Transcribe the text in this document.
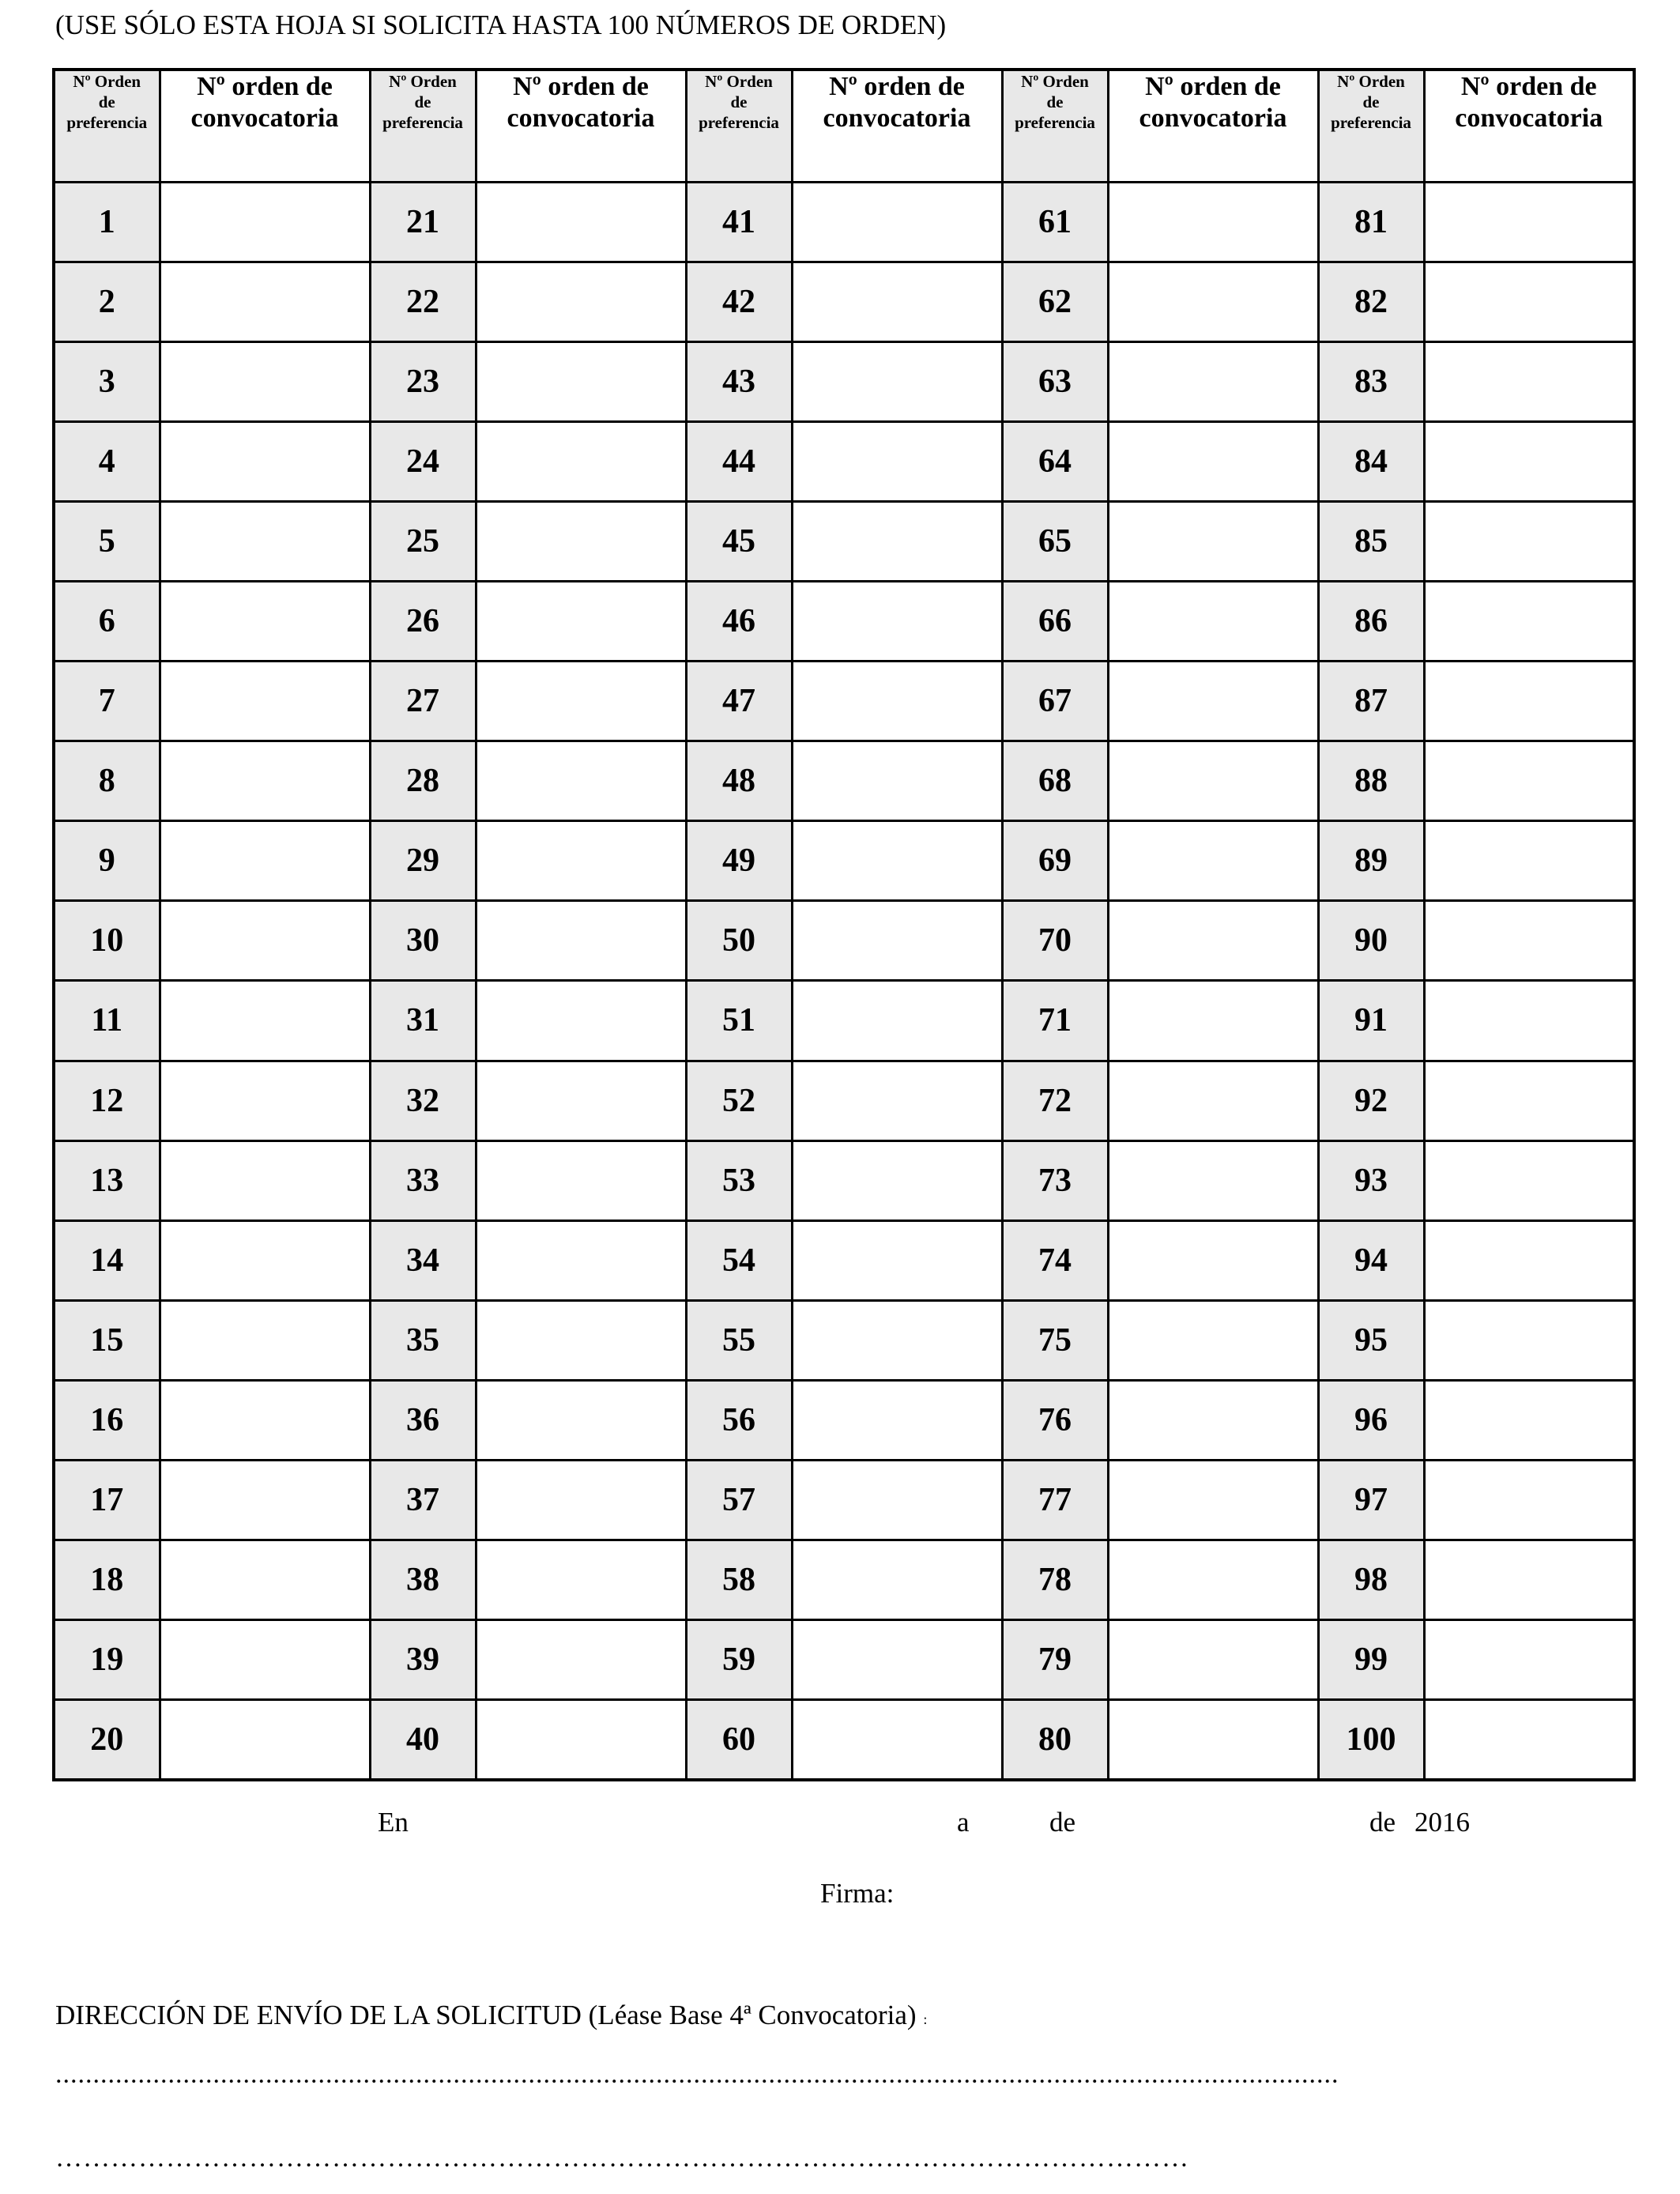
(USE SÓLO ESTA HOJA SI SOLICITA HASTA 100 NÚMEROS DE ORDEN)
Nº Orden
de
preferencia	Nº orden de
convocatoria	Nº Orden
de
preferencia	Nº orden de
convocatoria	Nº Orden
de
preferencia	Nº orden de
convocatoria	Nº Orden
de
preferencia	Nº orden de
convocatoria	Nº Orden
de
preferencia	Nº orden de
convocatoria

1		21		41		61		81	
2		22		42		62		82	
3		23		43		63		83	
4		24		44		64		84	
5		25		45		65		85	
6		26		46		66		86	
7		27		47		67		87	
8		28		48		68		88	
9		29		49		69		89	
10		30		50		70		90	
11		31		51		71		91	
12		32		52		72		92	
13		33		53		73		93	
14		34		54		74		94	
15		35		55		75		95	
16		36		56		76		96	
17		37		57		77		97	
18		38		58		78		98	
19		39		59		79		99	
20		40		60		80		100	
En	a	de	de 2016
Firma:
DIRECCIÓN DE ENVÍO DE LA SOLICITUD (Léase Base 4ª Convocatoria) :
...........................................................................................................................................................................
……………………………………………………………………………………………………………
